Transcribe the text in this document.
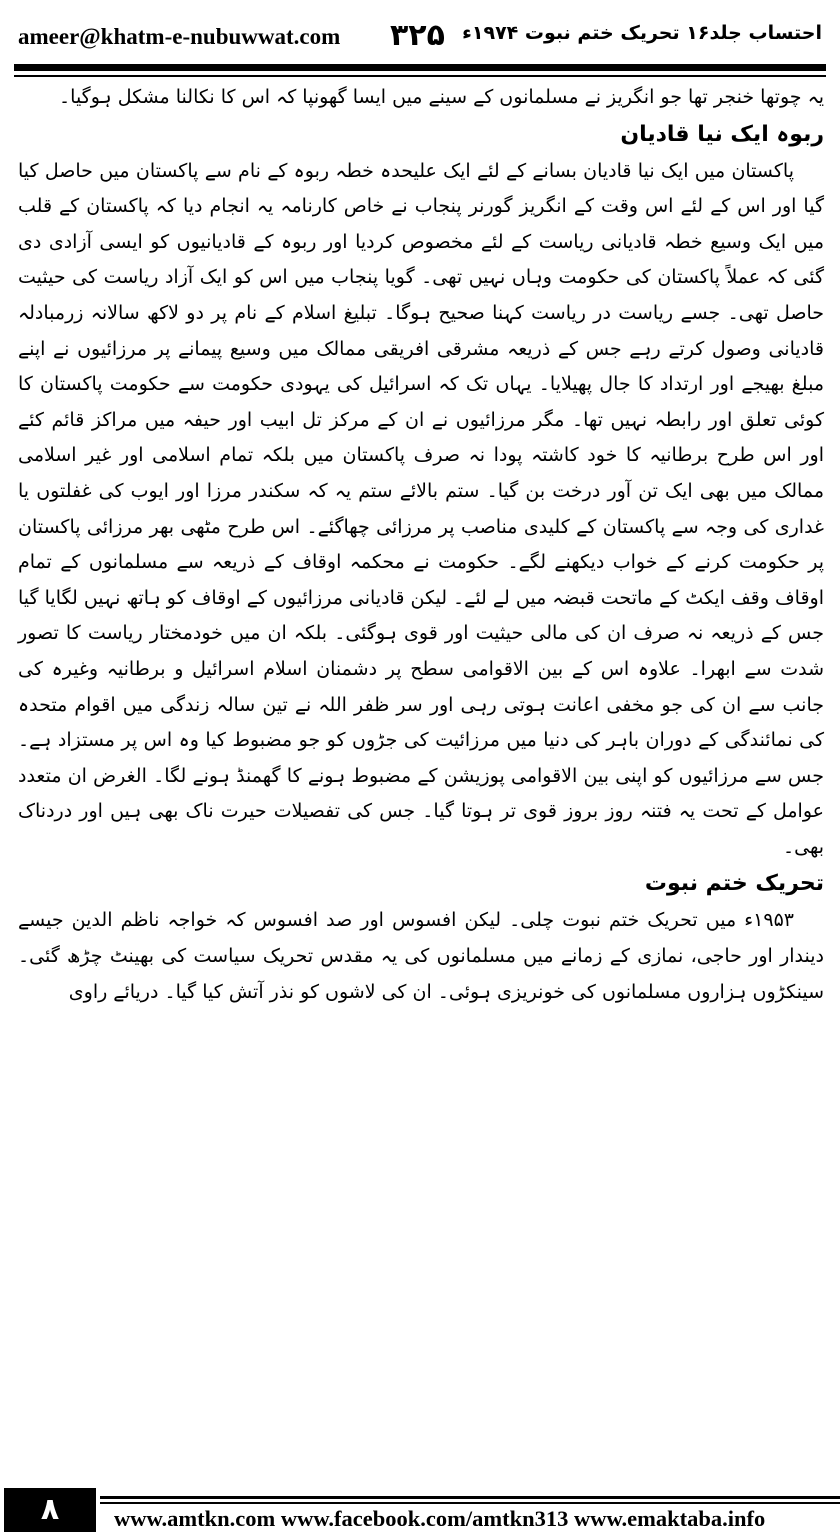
ameer@khatm-e-nubuwwat.com ۳۲۵ احتساب جلد۱۶ تحریک ختم نبوت ۱۹۷۴ء

یہ چوتھا خنجر تھا جو انگریز نے مسلمانوں کے سینے میں ایسا گھونپا کہ اس کا نکالنا مشکل ہوگیا۔

ربوہ ایک نیا قادیان

پاکستان میں ایک نیا قادیان بسانے کے لئے ایک علیحدہ خطہ ربوہ کے نام سے پاکستان میں حاصل کیا گیا اور اس کے لئے اس وقت کے انگریز گورنر پنجاب نے خاص کارنامہ یہ انجام دیا کہ پاکستان کے قلب میں ایک وسیع خطہ قادیانی ریاست کے لئے مخصوص کردیا اور ربوہ کے قادیانیوں کو ایسی آزادی دی گئی کہ عملاً پاکستان کی حکومت وہاں نہیں تھی۔ گویا پنجاب میں اس کو ایک آزاد ریاست کی حیثیت حاصل تھی۔ جسے ریاست در ریاست کہنا صحیح ہوگا۔ تبلیغ اسلام کے نام پر دو لاکھ سالانہ زرمبادلہ قادیانی وصول کرتے رہے جس کے ذریعہ مشرقی افریقی ممالک میں وسیع پیمانے پر مرزائیوں نے اپنے مبلغ بھیجے اور ارتداد کا جال پھیلایا۔ یہاں تک کہ اسرائیل کی یہودی حکومت سے حکومت پاکستان کا کوئی تعلق اور رابطہ نہیں تھا۔ مگر مرزائیوں نے ان کے مرکز تل ابیب اور حیفہ میں مراکز قائم کئے اور اس طرح برطانیہ کا خود کاشتہ پودا نہ صرف پاکستان میں بلکہ تمام اسلامی اور غیر اسلامی ممالک میں بھی ایک تن آور درخت بن گیا۔ ستم بالائے ستم یہ کہ سکندر مرزا اور ایوب کی غفلتوں یا غداری کی وجہ سے پاکستان کے کلیدی مناصب پر مرزائی چھاگئے۔ اس طرح مٹھی بھر مرزائی پاکستان پر حکومت کرنے کے خواب دیکھنے لگے۔ حکومت نے محکمہ اوقاف کے ذریعہ سے مسلمانوں کے تمام اوقاف وقف ایکٹ کے ماتحت قبضہ میں لے لئے۔ لیکن قادیانی مرزائیوں کے اوقاف کو ہاتھ نہیں لگایا گیا جس کے ذریعہ نہ صرف ان کی مالی حیثیت اور قوی ہوگئی۔ بلکہ ان میں خودمختار ریاست کا تصور شدت سے ابھرا۔ علاوہ اس کے بین الاقوامی سطح پر دشمنان اسلام اسرائیل و برطانیہ وغیرہ کی جانب سے ان کی جو مخفی اعانت ہوتی رہی اور سر ظفر اللہ نے تین سالہ زندگی میں اقوام متحدہ کی نمائندگی کے دوران باہر کی دنیا میں مرزائیت کی جڑوں کو جو مضبوط کیا وہ اس پر مستزاد ہے۔ جس سے مرزائیوں کو اپنی بین الاقوامی پوزیشن کے مضبوط ہونے کا گھمنڈ ہونے لگا۔ الغرض ان متعدد عوامل کے تحت یہ فتنہ روز بروز قوی تر ہوتا گیا۔ جس کی تفصیلات حیرت ناک بھی ہیں اور دردناک بھی۔

تحریک ختم نبوت

۱۹۵۳ء میں تحریک ختم نبوت چلی۔ لیکن افسوس اور صد افسوس کہ خواجہ ناظم الدین جیسے دیندار اور حاجی، نمازی کے زمانے میں مسلمانوں کی یہ مقدس تحریک سیاست کی بھینٹ چڑھ گئی۔ سینکڑوں ہزاروں مسلمانوں کی خونریزی ہوئی۔ ان کی لاشوں کو نذر آتش کیا گیا۔ دریائے راوی

۸	www.amtkn.com www.facebook.com/amtkn313 www.emaktaba.info
